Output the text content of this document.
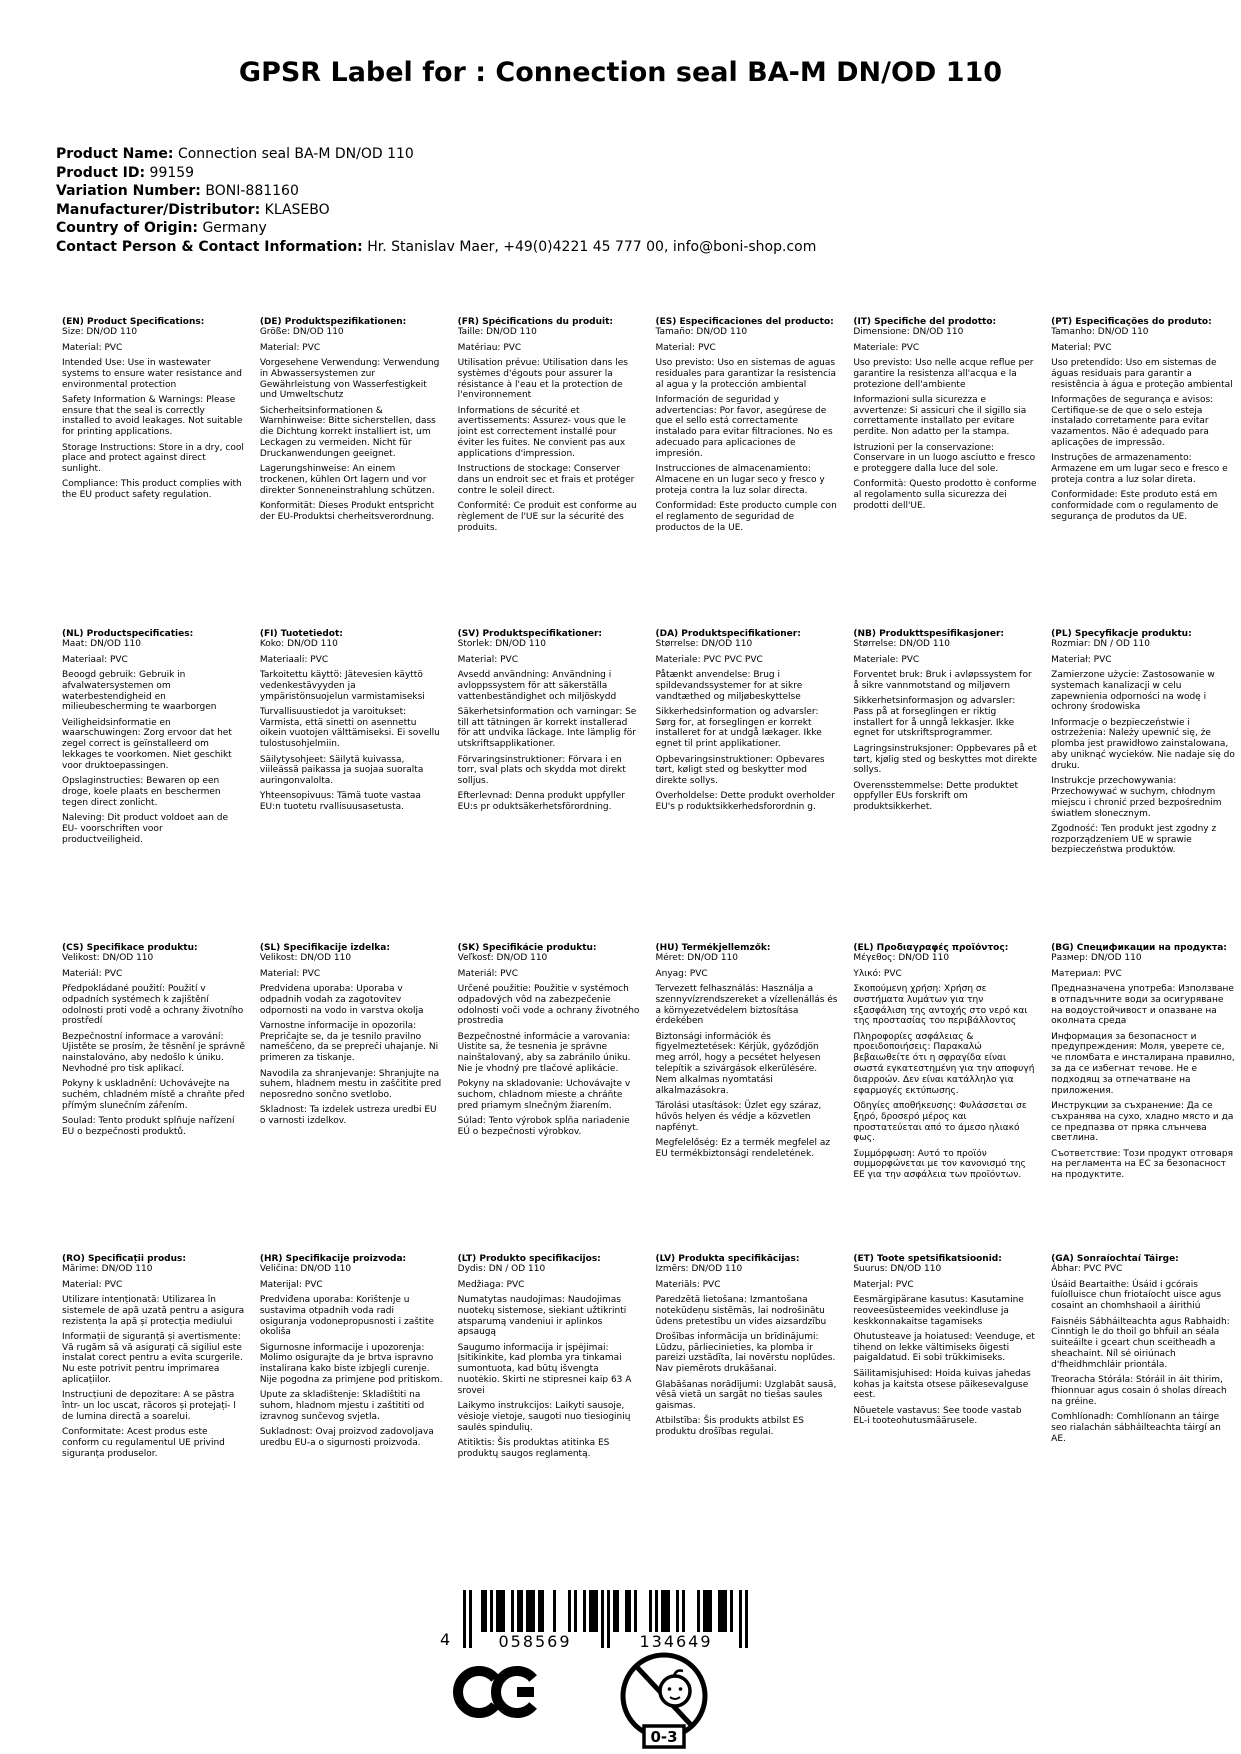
GPSR Label for : Connection seal BA-M DN/OD 110
Product Name: Connection seal BA-M DN/OD 110
Product ID: 99159
Variation Number: BONI-881160
Manufacturer/Distributor: KLASEBO
Country of Origin: Germany
Contact Person & Contact Information: Hr. Stanislav Maer, +49(0)4221 45 777 00, info@boni-shop.com
(EN) Product Specifications:

Size: DN/OD 110

Material: PVC

Intended Use: Use in wastewater systems to ensure water resistance and environmental protection

Safety Information & Warnings: Please ensure that the seal is correctly installed to avoid leakages. Not suitable for printing applications.

Storage Instructions: Store in a dry, cool place and protect against direct sunlight.

Compliance: This product complies with the EU product safety regulation.

(DE) Produktspezifikationen:

Größe: DN/OD 110

Material: PVC

Vorgesehene Verwendung: Verwendung in Abwassersystemen zur Gewährleistung von Wasserfestigkeit und Umweltschutz

Sicherheitsinformationen & Warnhinweise: Bitte sicherstellen, dass die Dichtung korrekt installiert ist, um Leckagen zu vermeiden. Nicht für Druckanwendungen geeignet.

Lagerungshinweise: An einem trockenen, kühlen Ort lagern und vor direkter Sonneneinstrahlung schützen.

Konformität: Dieses Produkt entspricht der EU-Produktsi cherheitsverordnung.

(FR) Spécifications du produit:

Taille: DN/OD 110

Matériau: PVC

Utilisation prévue: Utilisation dans les systèmes d'égouts pour assurer la résistance à l'eau et la protection de l'environnement

Informations de sécurité et avertissements: Assurez- vous que le joint est correctement installé pour éviter les fuites. Ne convient pas aux applications d'impression.

Instructions de stockage: Conserver dans un endroit sec et frais et protéger contre le soleil direct.

Conformité: Ce produit est conforme au règlement de l'UE sur la sécurité des produits.

(ES) Especificaciones del producto:

Tamaño: DN/OD 110

Material: PVC

Uso previsto: Uso en sistemas de aguas residuales para garantizar la resistencia al agua y la protección ambiental

Información de seguridad y advertencias: Por favor, asegúrese de que el sello está correctamente instalado para evitar filtraciones. No es adecuado para aplicaciones de impresión.

Instrucciones de almacenamiento: Almacene en un lugar seco y fresco y proteja contra la luz solar directa.

Conformidad: Este producto cumple con el reglamento de seguridad de productos de la UE.

(IT) Specifiche del prodotto:

Dimensione: DN/OD 110

Materiale: PVC

Uso previsto: Uso nelle acque reflue per garantire la resistenza all'acqua e la protezione dell'ambiente

Informazioni sulla sicurezza e avvertenze: Si assicuri che il sigillo sia correttamente installato per evitare perdite. Non adatto per la stampa.

Istruzioni per la conservazione: Conservare in un luogo asciutto e fresco e proteggere dalla luce del sole.

Conformità: Questo prodotto è conforme al regolamento sulla sicurezza dei prodotti dell'UE.

(PT) Especificações do produto:

Tamanho: DN/OD 110

Material: PVC

Uso pretendido: Uso em sistemas de águas residuais para garantir a resistência à água e proteção ambiental

Informações de segurança e avisos: Certifique-se de que o selo esteja instalado corretamente para evitar vazamentos. Não é adequado para aplicações de impressão.

Instruções de armazenamento: Armazene em um lugar seco e fresco e proteja contra a luz solar direta.

Conformidade: Este produto está em conformidade com o regulamento de segurança de produtos da UE.

(NL) Productspecificaties:

Maat: DN/OD 110

Materiaal: PVC

Beoogd gebruik: Gebruik in afvalwatersystemen om waterbestendigheid en milieubescherming te waarborgen

Veiligheidsinformatie en waarschuwingen: Zorg ervoor dat het zegel correct is geïnstalleerd om lekkages te voorkomen. Niet geschikt voor druktoepassingen.

Opslaginstructies: Bewaren op een droge, koele plaats en beschermen tegen direct zonlicht.

Naleving: Dit product voldoet aan de EU- voorschriften voor productveiligheid.

(FI) Tuotetiedot:

Koko: DN/OD 110

Materiaali: PVC

Tarkoitettu käyttö: Jätevesien käyttö vedenkestävyyden ja ympäristönsuojelun varmistamiseksi

Turvallisuustiedot ja varoitukset: Varmista, että sinetti on asennettu oikein vuotojen välttämiseksi. Ei sovellu tulostusohjelmiin.

Säilytysohjeet: Säilytä kuivassa, viileässä paikassa ja suojaa suoralta auringonvalolta.

Yhteensopivuus: Tämä tuote vastaa EU:n tuotetu rvallisuusasetusta.

(SV) Produktspecifikationer:

Storlek: DN/OD 110

Material: PVC

Avsedd användning: Användning i avloppssystem för att säkerställa vattenbeständighet och miljöskydd

Säkerhetsinformation och varningar: Se till att tätningen är korrekt installerad för att undvika läckage. Inte lämplig för utskriftsapplikationer.

Förvaringsinstruktioner: Förvara i en torr, sval plats och skydda mot direkt solljus.

Efterlevnad: Denna produkt uppfyller EU:s pr oduktsäkerhetsförordning.

(DA) Produktspecifikationer:

Størrelse: DN/OD 110

Materiale: PVC PVC PVC

Påtænkt anvendelse: Brug i spildevandssystemer for at sikre vandtæthed og miljøbeskyttelse

Sikkerhedsinformation og advarsler: Sørg for, at forseglingen er korrekt installeret for at undgå lækager. Ikke egnet til print applikationer.

Opbevaringsinstruktioner: Opbevares tørt, køligt sted og beskytter mod direkte sollys.

Overholdelse: Dette produkt overholder EU's p roduktsikkerhedsforordnin g.

(NB) Produkttspesifikasjoner:

Størrelse: DN/OD 110

Materiale: PVC

Forventet bruk: Bruk i avløpssystem for å sikre vannmotstand og miljøvern

Sikkerhetsinformasjon og advarsler: Pass på at forseglingen er riktig installert for å unngå lekkasjer. Ikke egnet for utskriftsprogrammer.

Lagringsinstruksjoner: Oppbevares på et tørt, kjølig sted og beskyttes mot direkte sollys.

Overensstemmelse: Dette produktet oppfyller EUs forskrift om produktsikkerhet.

(PL) Specyfikacje produktu:

Rozmiar: DN / OD 110

Materiał: PVC

Zamierzone użycie: Zastosowanie w systemach kanalizacji w celu zapewnienia odporności na wodę i ochrony środowiska

Informacje o bezpieczeństwie i ostrzeżenia: Należy upewnić się, że plomba jest prawidłowo zainstalowana, aby uniknąć wycieków. Nie nadaje się do druku.

Instrukcje przechowywania: Przechowywać w suchym, chłodnym miejscu i chronić przed bezpośrednim światłem słonecznym.

Zgodność: Ten produkt jest zgodny z rozporządzeniem UE w sprawie bezpieczeństwa produktów.

(CS) Specifikace produktu:

Velikost: DN/OD 110

Materiál: PVC

Předpokládané použití: Použití v odpadních systémech k zajištění odolnosti proti vodě a ochrany životního prostředí

Bezpečnostní informace a varování: Ujistěte se prosím, že těsnění je správně nainstalováno, aby nedošlo k úniku. Nevhodné pro tisk aplikací.

Pokyny k uskladnění: Uchovávejte na suchém, chladném místě a chraňte před přímým slunečním zářením.

Soulad: Tento produkt splňuje nařízení EU o bezpečnosti produktů.

(SL) Specifikacije izdelka:

Velikost: DN/OD 110

Material: PVC

Predvidena uporaba: Uporaba v odpadnih vodah za zagotovitev odpornosti na vodo in varstva okolja

Varnostne informacije in opozorila: Prepričajte se, da je tesnilo pravilno nameščeno, da se prepreči uhajanje. Ni primeren za tiskanje.

Navodila za shranjevanje: Shranjujte na suhem, hladnem mestu in zaščitite pred neposredno sončno svetlobo.

Skladnost: Ta izdelek ustreza uredbi EU o varnosti izdelkov.

(SK) Špecifikácie produktu:

Veľkosť: DN/OD 110

Materiál: PVC

Určené použitie: Použitie v systémoch odpadových vôd na zabezpečenie odolnosti voči vode a ochrany životného prostredia

Bezpečnostné informácie a varovania: Uistite sa, že tesnenia je správne nainštalovaný, aby sa zabránilo úniku. Nie je vhodný pre tlačové aplikácie.

Pokyny na skladovanie: Uchovávajte v suchom, chladnom mieste a chráňte pred priamym slnečným žiarením.

Súlad: Tento výrobok spĺňa nariadenie EÚ o bezpečnosti výrobkov.

(HU) Termékjellemzők:

Méret: DN/OD 110

Anyag: PVC

Tervezett felhasználás: Használja a szennyvízrendszereket a vízellenállás és a környezetvédelem biztosítása érdekében

Biztonsági információk és figyelmeztetések: Kérjük, győződjön meg arról, hogy a pecsétet helyesen telepítik a szivárgások elkerülésére. Nem alkalmas nyomtatási alkalmazásokra.

Tárolási utasítások: Üzlet egy száraz, hűvös helyen és védje a közvetlen napfényt.

Megfelelőség: Ez a termék megfelel az EU termékbiztonsági rendeletének.

(EL) Προδιαγραφές προϊόντος:

Μέγεθος: DN/OD 110

Υλικό: PVC

Σκοπούμενη χρήση: Χρήση σε συστήματα λυμάτων για την εξασφάλιση της αντοχής στο νερό και της προστασίας του περιβάλλοντος

Πληροφορίες ασφάλειας & προειδοποιήσεις: Παρακαλώ βεβαιωθείτε ότι η σφραγίδα είναι σωστά εγκατεστημένη για την αποφυγή διαρροών. Δεν είναι κατάλληλο για εφαρμογές εκτύπωσης.

Οδηγίες αποθήκευσης: Φυλάσσεται σε ξηρό, δροσερό μέρος και προστατεύεται από το άμεσο ηλιακό φως.

Συμμόρφωση: Αυτό το προϊόν συμμορφώνεται με τον κανονισμό της ΕΕ για την ασφάλεια των προϊόντων.

(BG) Спецификации на продукта:

Размер: DN/OD 110

Материал: PVC

Предназначена употреба: Използване в отпадъчните води за осигуряване на водоустойчивост и опазване на околната среда

Информация за безопасност и предупреждения: Моля, уверете се, че пломбата е инсталирана правилно, за да се избегнат течове. Не е подходящ за отпечатване на приложения.

Инструкции за съхранение: Да се съхранява на сухо, хладно място и да се предпазва от пряка слънчева светлина.

Съответствие: Този продукт отговаря на регламента на ЕС за безопасност на продуктите.

(RO) Specificații produs:

Mărime: DN/OD 110

Material: PVC

Utilizare intenționată: Utilizarea în sistemele de apă uzată pentru a asigura rezistența la apă și protecția mediului

Informații de siguranță și avertismente: Vă rugăm să vă asigurați că sigiliul este instalat corect pentru a evita scurgerile. Nu este potrivit pentru imprimarea aplicațiilor.

Instrucțiuni de depozitare: A se păstra într- un loc uscat, răcoros și protejați- l de lumina directă a soarelui.

Conformitate: Acest produs este conform cu regulamentul UE privind siguranța produselor.

(HR) Specifikacije proizvoda:

Veličina: DN/OD 110

Materijal: PVC

Predviđena uporaba: Korištenje u sustavima otpadnih voda radi osiguranja vodonepropusnosti i zaštite okoliša

Sigurnosne informacije i upozorenja: Molimo osigurajte da je brtva ispravno instalirana kako biste izbjegli curenje. Nije pogodna za primjene pod pritiskom.

Upute za skladištenje: Skladištiti na suhom, hladnom mjestu i zaštititi od izravnog sunčevog svjetla.

Sukladnost: Ovaj proizvod zadovoljava uredbu EU-a o sigurnosti proizvoda.

(LT) Produkto specifikacijos:

Dydis: DN / OD 110

Medžiaga: PVC

Numatytas naudojimas: Naudojimas nuotekų sistemose, siekiant užtikrinti atsparumą vandeniui ir aplinkos apsaugą

Saugumo informacija ir įspėjimai: Įsitikinkite, kad plomba yra tinkamai sumontuota, kad būtų išvengta nuotėkio. Skirti ne stipresnei kaip 63 A srovei

Laikymo instrukcijos: Laikyti sausoje, vėsioje vietoje, saugoti nuo tiesioginių saulės spindulių.

Atitiktis: Šis produktas atitinka ES produktų saugos reglamentą.

(LV) Produkta specifikācijas:

Izmērs: DN/OD 110

Materiāls: PVC

Paredzētā lietošana: Izmantošana notekūdeņu sistēmās, lai nodrošinātu ūdens pretestību un vides aizsardzību

Drošības informācija un brīdinājumi: Lūdzu, pārliecinieties, ka plomba ir pareizi uzstādīta, lai novērstu noplūdes. Nav piemērots drukāšanai.

Glabāšanas norādījumi: Uzglabāt sausā, vēsā vietā un sargāt no tiešas saules gaismas.

Atbilstība: Šis produkts atbilst ES produktu drošības regulai.

(ET) Toote spetsifikatsioonid:

Suurus: DN/OD 110

Materjal: PVC

Eesmärgipärane kasutus: Kasutamine reoveesüsteemides veekindluse ja keskkonnakaitse tagamiseks

Ohutusteave ja hoiatused: Veenduge, et tihend on lekke vältimiseks õigesti paigaldatud. Ei sobi trükkimiseks.

Säilitamisjuhised: Hoida kuivas jahedas kohas ja kaitsta otsese päikesevalguse eest.

Nõuetele vastavus: See toode vastab EL-i tooteohutusmäärusele.

(GA) Sonraíochtaí Táirge:

Ábhar: PVC PVC

Úsáid Beartaithe: Úsáid i gcórais fuíolluisce chun friotaíocht uisce agus cosaint an chomhshaoil a áirithiú

Faisnéis Sábháilteachta agus Rabhaidh: Cinntigh le do thoil go bhfuil an séala suiteáilte i gceart chun sceitheadh a sheachaint. Níl sé oiriúnach d'fheidhmchláir priontála.

Treoracha Stórála: Stóráil in áit thirim, fhionnuar agus cosain ó sholas díreach na gréine.

Comhlíonadh: Comhlíonann an táirge seo rialachán sábháilteachta táirgí an AE.

4	058569	134649
0-3
